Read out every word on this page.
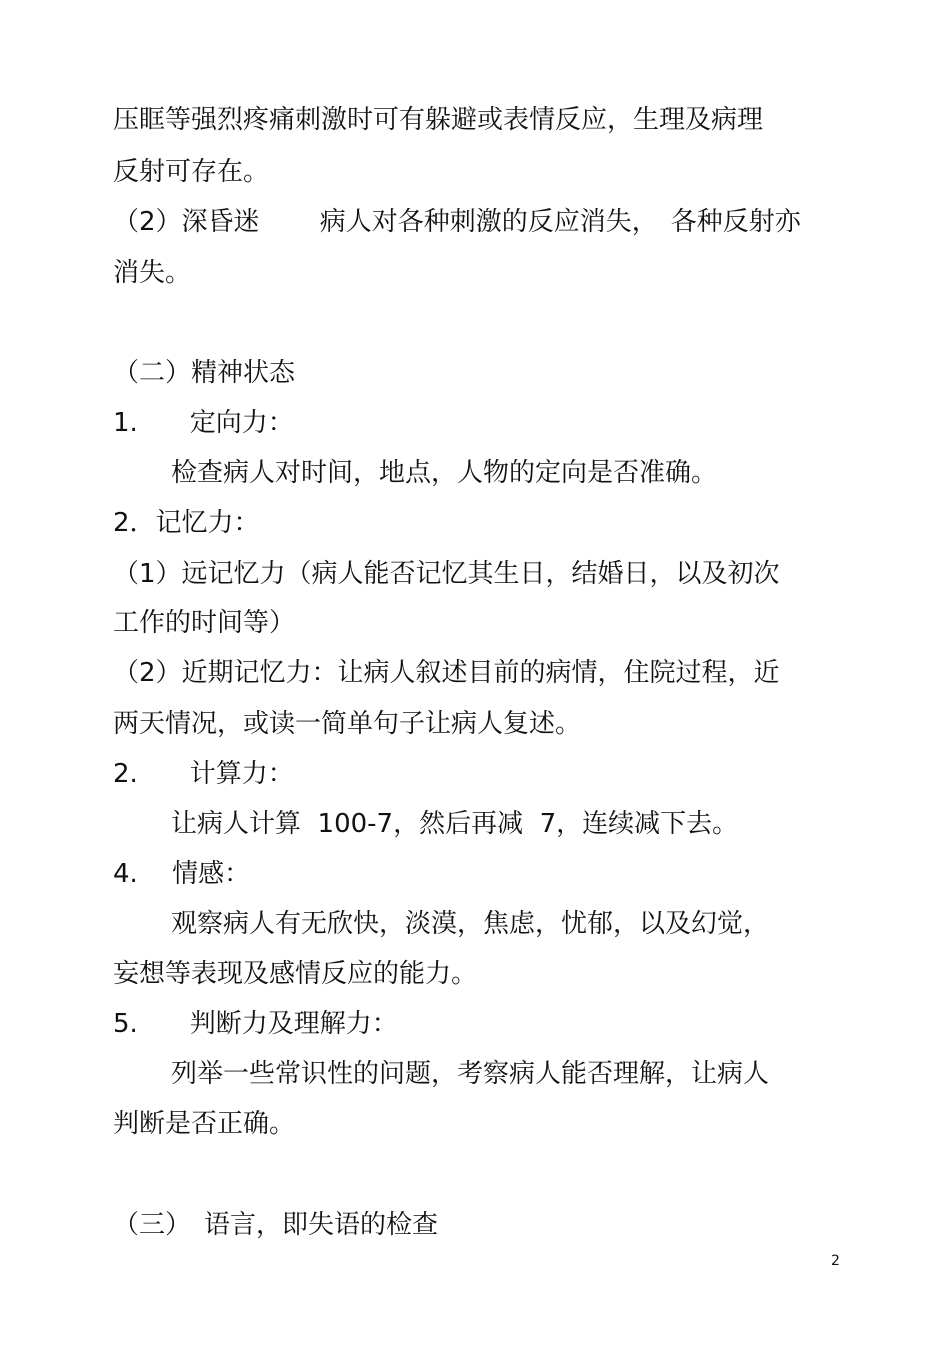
压眶等强烈疼痛刺激时可有躲避或表情反应，生理及病理
反射可存在。
（2）深昏迷　　 病人对各种刺激的反应消失，　各种反射亦
消失。
（二）精神状态
1.　　定向力：
检查病人对时间，地点，人物的定向是否准确。
2．记忆力：
（1）远记忆力（病人能否记忆其生日，结婚日，以及初次
工作的时间等）
（2）近期记忆力：让病人叙述目前的病情，住院过程，近
两天情况，或读一简单句子让病人复述。
2.　　计算力：
让病人计算  100-7，然后再减  7，连续减下去。
4.　 情感：
观察病人有无欣快，淡漠，焦虑，忧郁，以及幻觉，
妄想等表现及感情反应的能力。
5.　　判断力及理解力：
列举一些常识性的问题，考察病人能否理解，让病人
判断是否正确。
（三）　语言，即失语的检查
2
